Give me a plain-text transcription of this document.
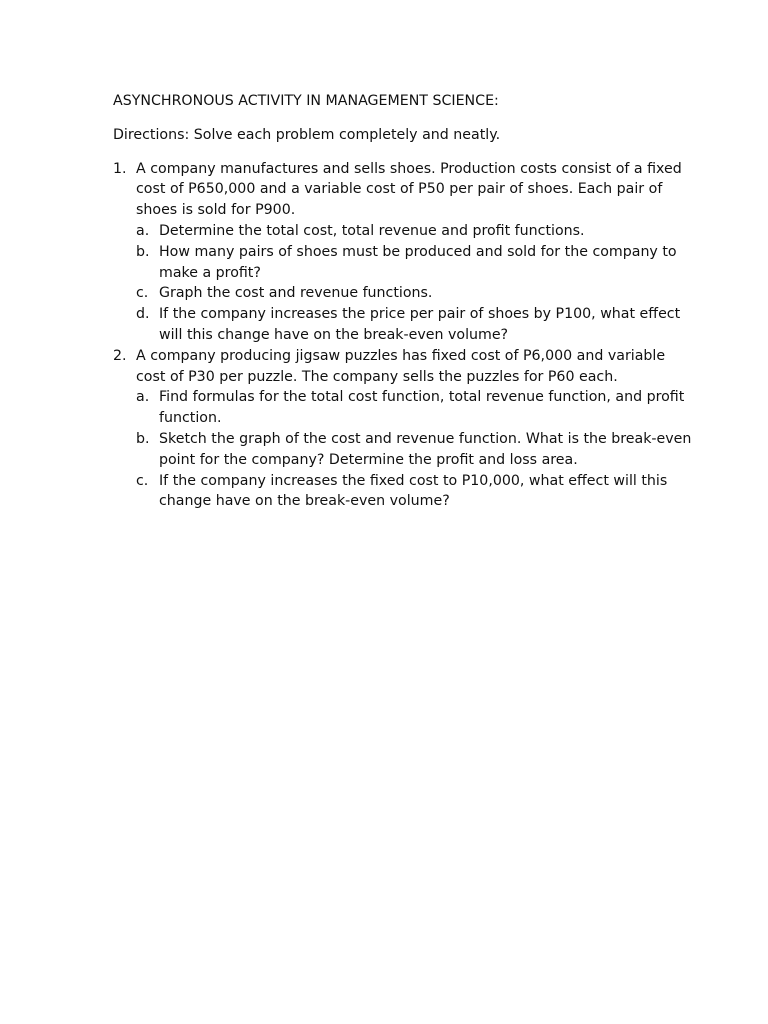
ASYNCHRONOUS ACTIVITY IN MANAGEMENT SCIENCE:

Directions: Solve each problem completely and neatly.

1. A company manufactures and sells shoes. Production costs consist of a fixed cost of P650,000 and a variable cost of P50 per pair of shoes. Each pair of shoes is sold for P900.
a. Determine the total cost, total revenue and profit functions.
b. How many pairs of shoes must be produced and sold for the company to make a profit?
c. Graph the cost and revenue functions.
d. If the company increases the price per pair of shoes by P100, what effect will this change have on the break-even volume?
2. A company producing jigsaw puzzles has fixed cost of P6,000 and variable cost of P30 per puzzle. The company sells the puzzles for P60 each.
a. Find formulas for the total cost function, total revenue function, and profit function.
b. Sketch the graph of the cost and revenue function. What is the break-even point for the company? Determine the profit and loss area.
c. If the company increases the fixed cost to P10,000, what effect will this change have on the break-even volume?
